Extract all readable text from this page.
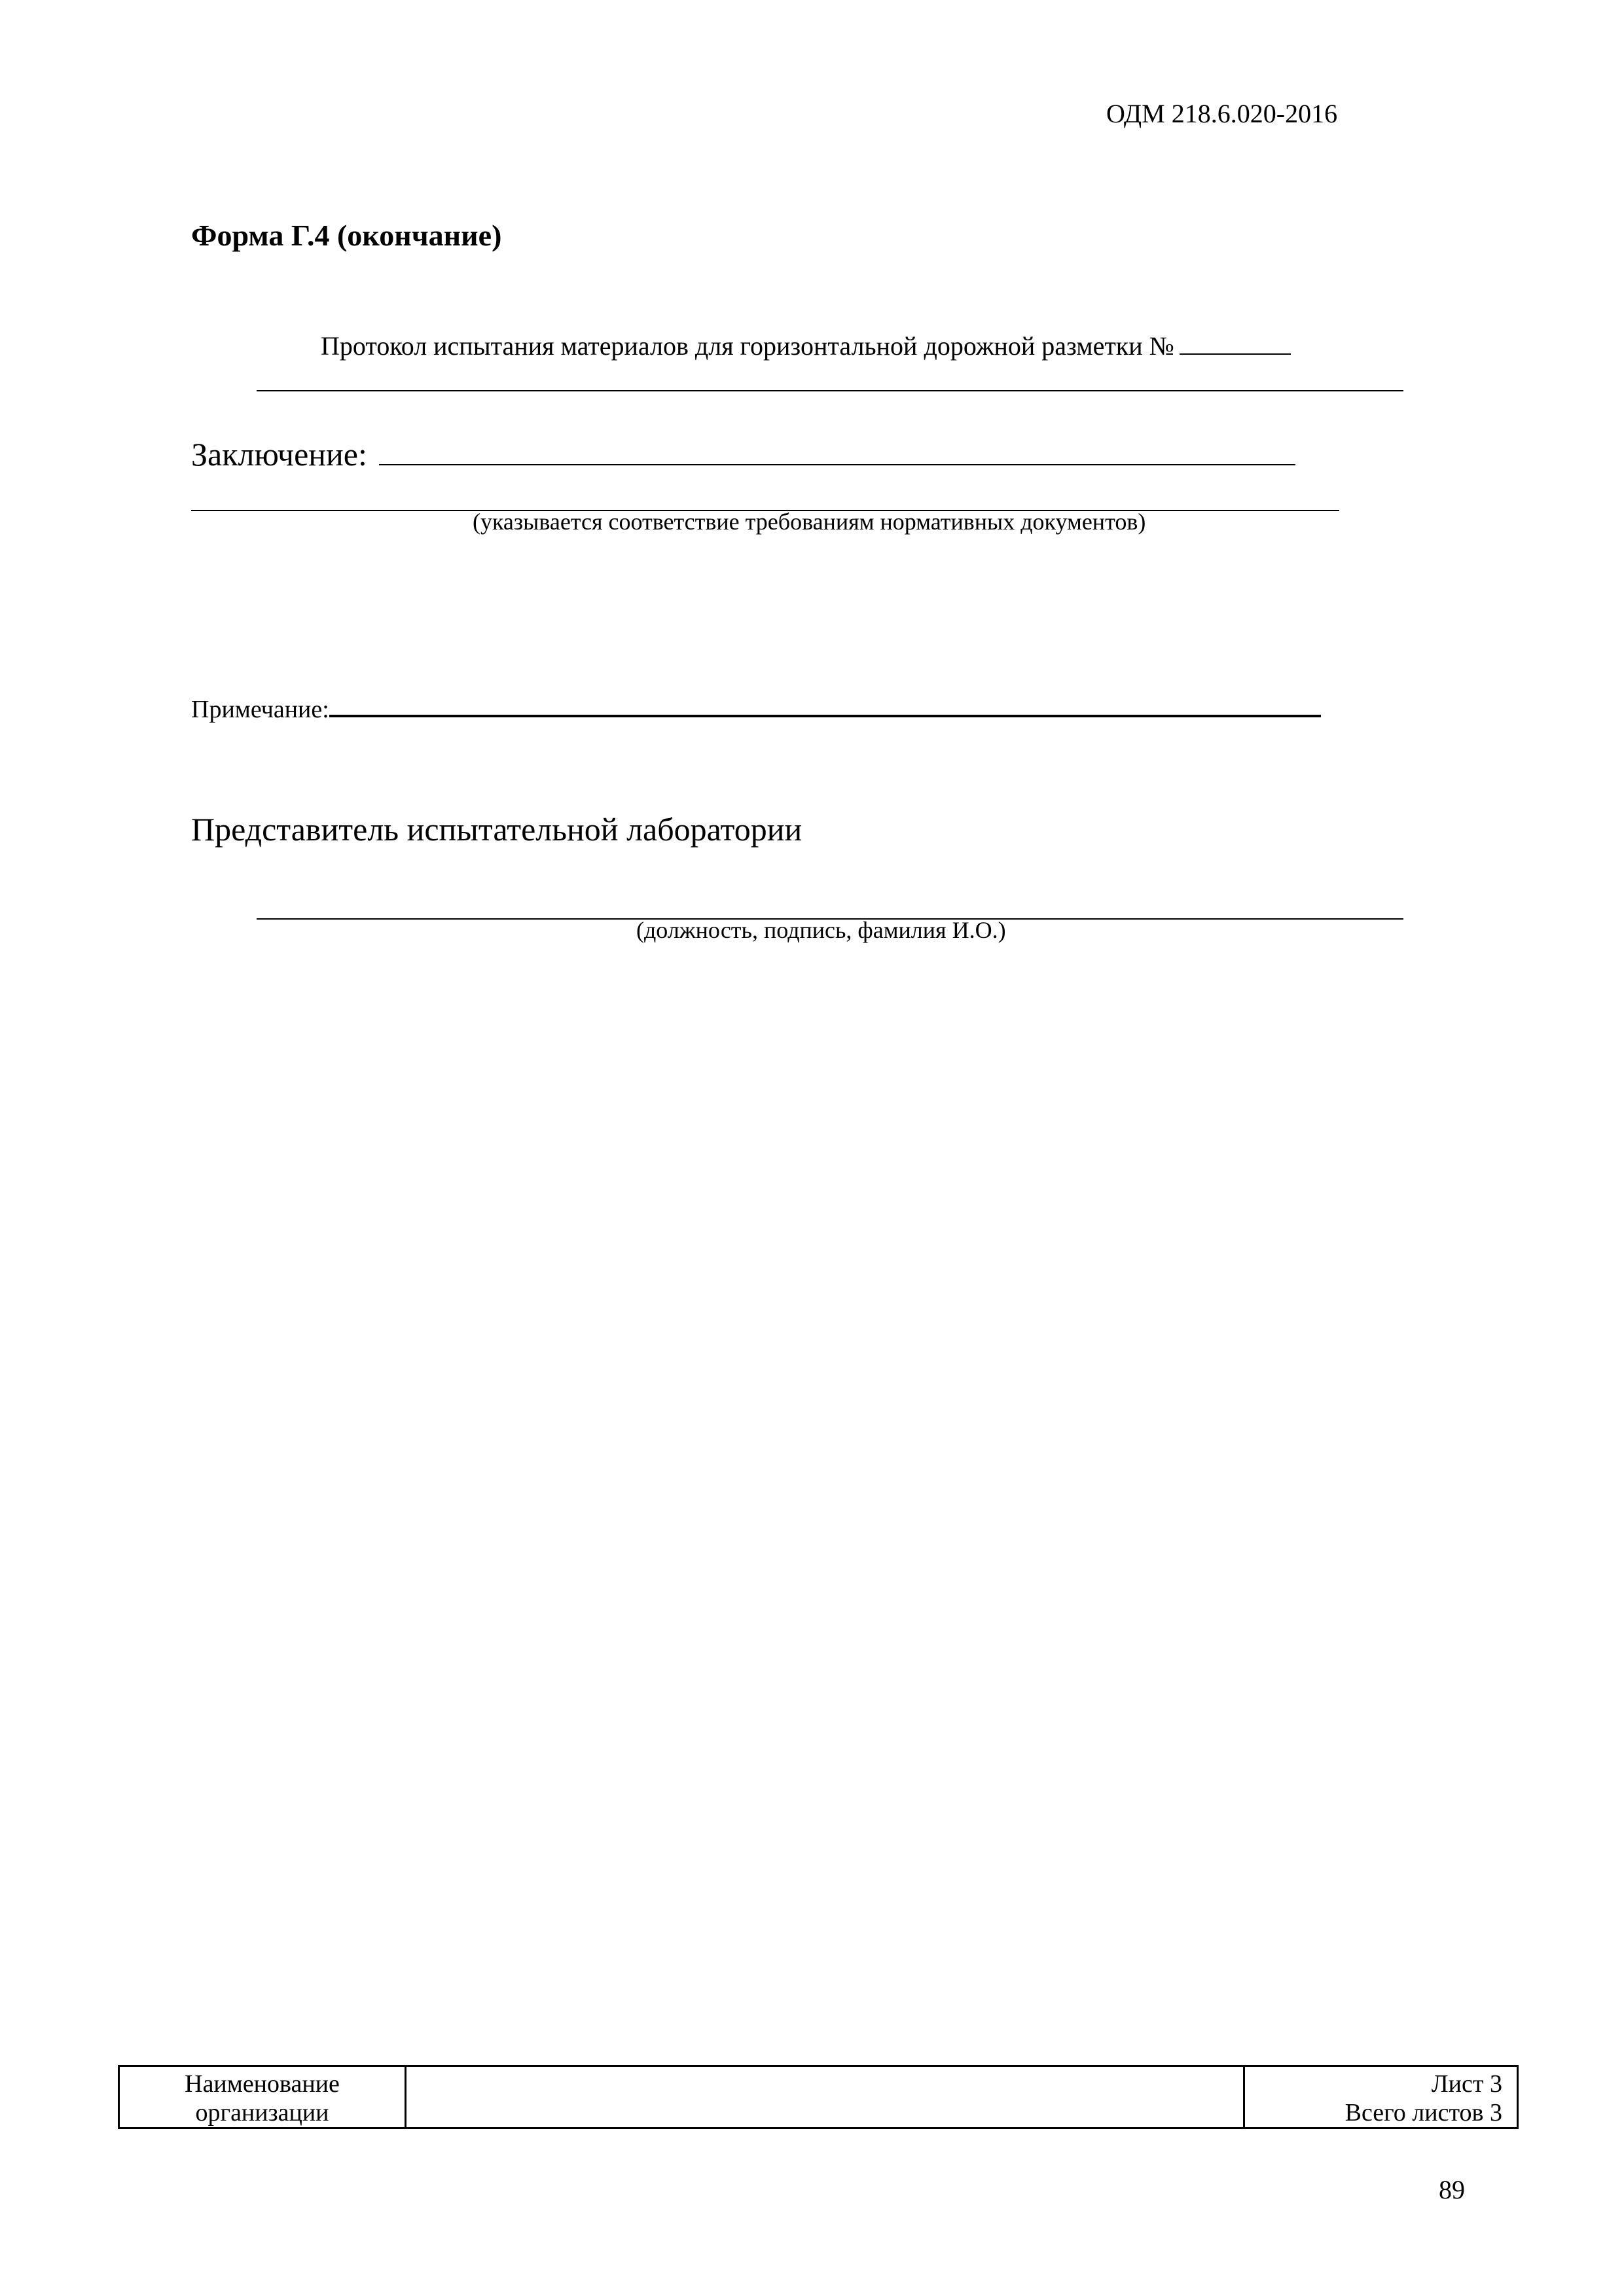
ОДМ 218.6.020-2016
Форма Г.4 (окончание)
Протокол испытания материалов для горизонтальной дорожной разметки №
Заключение:
(указывается соответствие требованиям нормативных документов)
Примечание:
Представитель испытательной лаборатории
(должность, подпись, фамилия И.О.)
Наименование
организации
Лист 3
Всего листов 3
89
